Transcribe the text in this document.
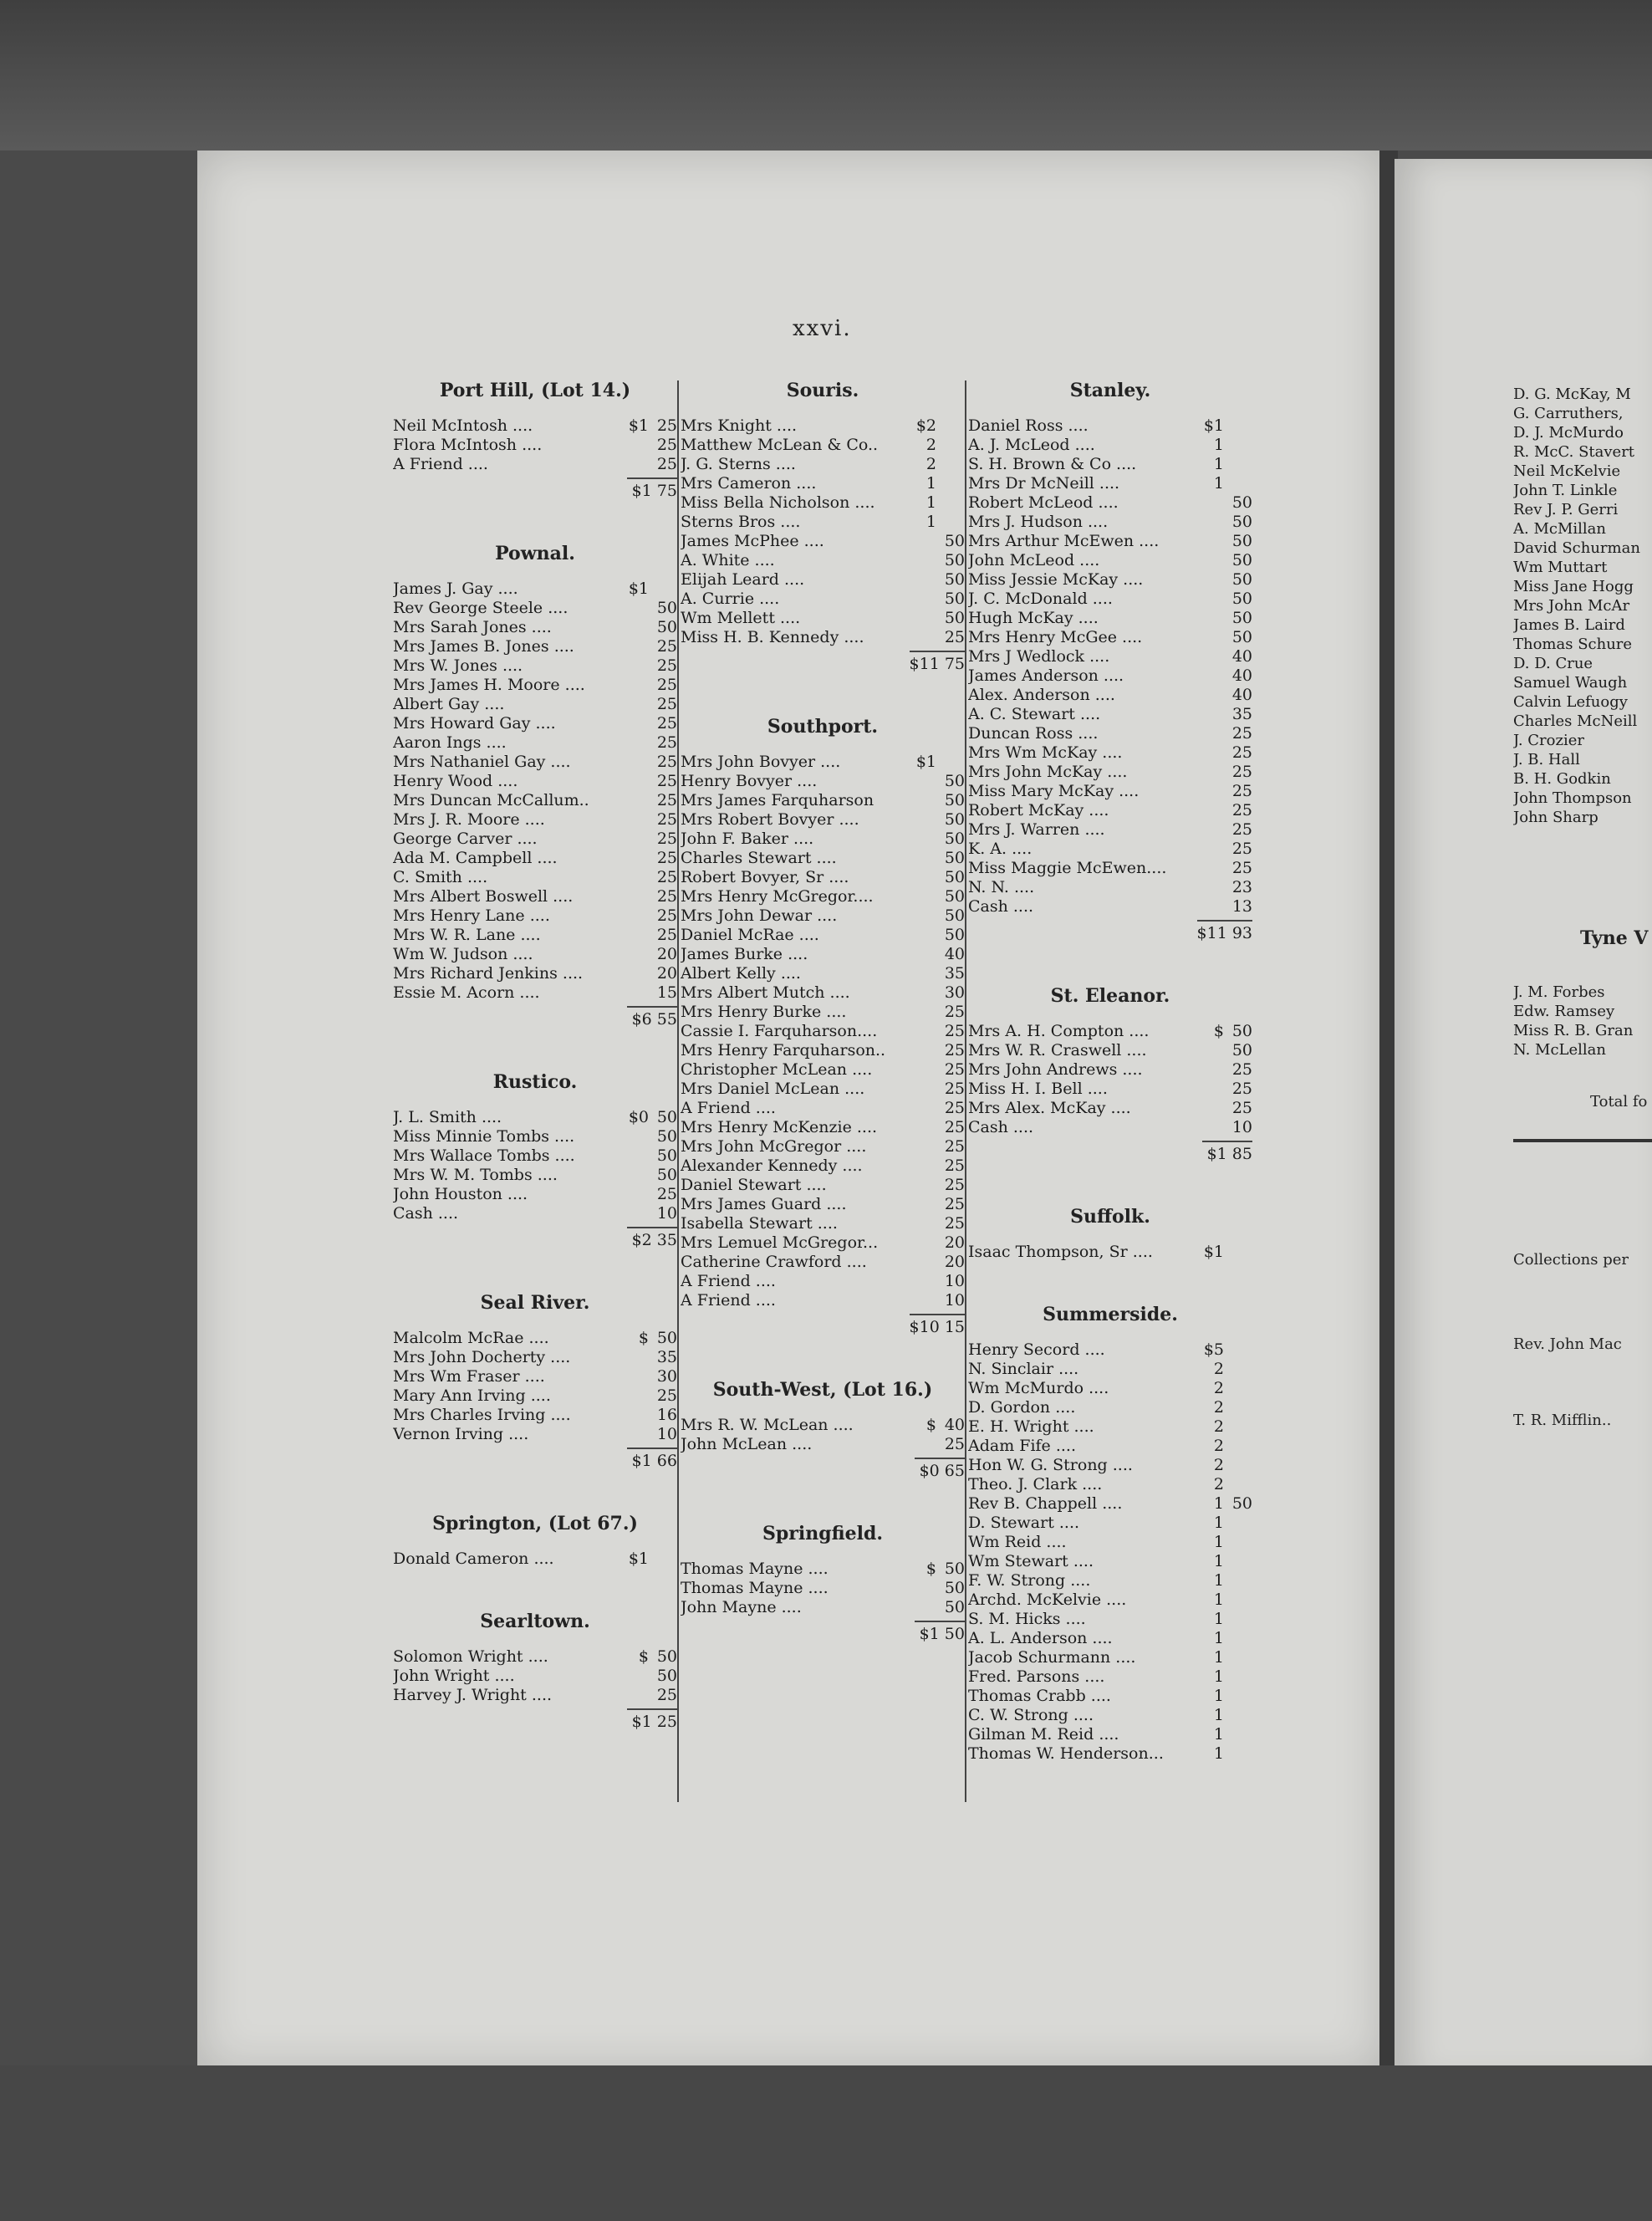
xxvi.
Port Hill, (Lot 14.)
Neil McIntosh ....	$1 25
Flora McIntosh ....	25
A Friend ....	25
$1 75
Pownal.
James J. Gay ....	$1
Rev George Steele ....	50
Mrs Sarah Jones ....	50
Mrs James B. Jones ....	25
Mrs W. Jones ....	25
Mrs James H. Moore ....	25
Albert Gay ....	25
Mrs Howard Gay ....	25
Aaron Ings ....	25
Mrs Nathaniel Gay ....	25
Henry Wood ....	25
Mrs Duncan McCallum..	25
Mrs J. R. Moore ....	25
George Carver ....	25
Ada M. Campbell ....	25
C. Smith ....	25
Mrs Albert Boswell ....	25
Mrs Henry Lane ....	25
Mrs W. R. Lane ....	25
Wm W. Judson ....	20
Mrs Richard Jenkins ....	20
Essie M. Acorn ....	15
$6 55
Rustico.
J. L. Smith ....	$0 50
Miss Minnie Tombs ....	50
Mrs Wallace Tombs ....	50
Mrs W. M. Tombs ....	50
John Houston ....	25
Cash ....	10
$2 35
Seal River.
Malcolm McRae ....	$ 50
Mrs John Docherty ....	35
Mrs Wm Fraser ....	30
Mary Ann Irving ....	25
Mrs Charles Irving ....	16
Vernon Irving ....	10
$1 66
Springton, (Lot 67.)
Donald Cameron ....	$1
Searltown.
Solomon Wright ....	$ 50
John Wright ....	50
Harvey J. Wright ....	25
$1 25
Souris.
Mrs Knight ....	$2
Matthew McLean & Co..	2
J. G. Sterns ....	2
Mrs Cameron ....	1
Miss Bella Nicholson ....	1
Sterns Bros ....	1
James McPhee ....	50
A. White ....	50
Elijah Leard ....	50
A. Currie ....	50
Wm Mellett ....	50
Miss H. B. Kennedy ....	25
$11 75
Southport.
Mrs John Bovyer ....	$1
Henry Bovyer ....	50
Mrs James Farquharson	50
Mrs Robert Bovyer ....	50
John F. Baker ....	50
Charles Stewart ....	50
Robert Bovyer, Sr ....	50
Mrs Henry McGregor....	50
Mrs John Dewar ....	50
Daniel McRae ....	50
James Burke ....	40
Albert Kelly ....	35
Mrs Albert Mutch ....	30
Mrs Henry Burke ....	25
Cassie I. Farquharson....	25
Mrs Henry Farquharson..	25
Christopher McLean ....	25
Mrs Daniel McLean ....	25
A Friend ....	25
Mrs Henry McKenzie ....	25
Mrs John McGregor ....	25
Alexander Kennedy ....	25
Daniel Stewart ....	25
Mrs James Guard ....	25
Isabella Stewart ....	25
Mrs Lemuel McGregor...	20
Catherine Crawford ....	20
A Friend ....	10
A Friend ....	10
$10 15
South-West, (Lot 16.)
Mrs R. W. McLean ....	$ 40
John McLean ....	25
$0 65
Springfield.
Thomas Mayne ....	$ 50
Thomas Mayne ....	50
John Mayne ....	50
$1 50
Stanley.
Daniel Ross ....	$1
A. J. McLeod ....	1
S. H. Brown & Co ....	1
Mrs Dr McNeill ....	1
Robert McLeod ....	50
Mrs J. Hudson ....	50
Mrs Arthur McEwen ....	50
John McLeod ....	50
Miss Jessie McKay ....	50
J. C. McDonald ....	50
Hugh McKay ....	50
Mrs Henry McGee ....	50
Mrs J Wedlock ....	40
James Anderson ....	40
Alex. Anderson ....	40
A. C. Stewart ....	35
Duncan Ross ....	25
Mrs Wm McKay ....	25
Mrs John McKay ....	25
Miss Mary McKay ....	25
Robert McKay ....	25
Mrs J. Warren ....	25
K. A. ....	25
Miss Maggie McEwen....	25
N. N. ....	23
Cash ....	13
$11 93
St. Eleanor.
Mrs A. H. Compton ....	$ 50
Mrs W. R. Craswell ....	50
Mrs John Andrews ....	25
Miss H. I. Bell ....	25
Mrs Alex. McKay ....	25
Cash ....	10
$1 85
Suffolk.
Isaac Thompson, Sr ....	$1
Summerside.
Henry Secord ....	$5
N. Sinclair ....	2
Wm McMurdo ....	2
D. Gordon ....	2
E. H. Wright ....	2
Adam Fife ....	2
Hon W. G. Strong ....	2
Theo. J. Clark ....	2
Rev B. Chappell ....	1 50
D. Stewart ....	1
Wm Reid ....	1
Wm Stewart ....	1
F. W. Strong ....	1
Archd. McKelvie ....	1
S. M. Hicks ....	1
A. L. Anderson ....	1
Jacob Schurmann ....	1
Fred. Parsons ....	1
Thomas Crabb ....	1
C. W. Strong ....	1
Gilman M. Reid ....	1
Thomas W. Henderson...	1
D. G. McKay, M
G. Carruthers,
D. J. McMurdo
R. McC. Stavert
Neil McKelvie
John T. Linkle
Rev J. P. Gerri
A. McMillan
David Schurman
Wm Muttart
Miss Jane Hogg
Mrs John McAr
James B. Laird
Thomas Schure
D. D. Crue
Samuel Waugh
Calvin Lefuogy
Charles McNeill
J. Crozier
J. B. Hall
B. H. Godkin
John Thompson
John Sharp
Tyne V
J. M. Forbes
Edw. Ramsey
Miss R. B. Gran
N. McLellan
Total fo
Collections per
Rev. John Mac
T. R. Mifflin..
